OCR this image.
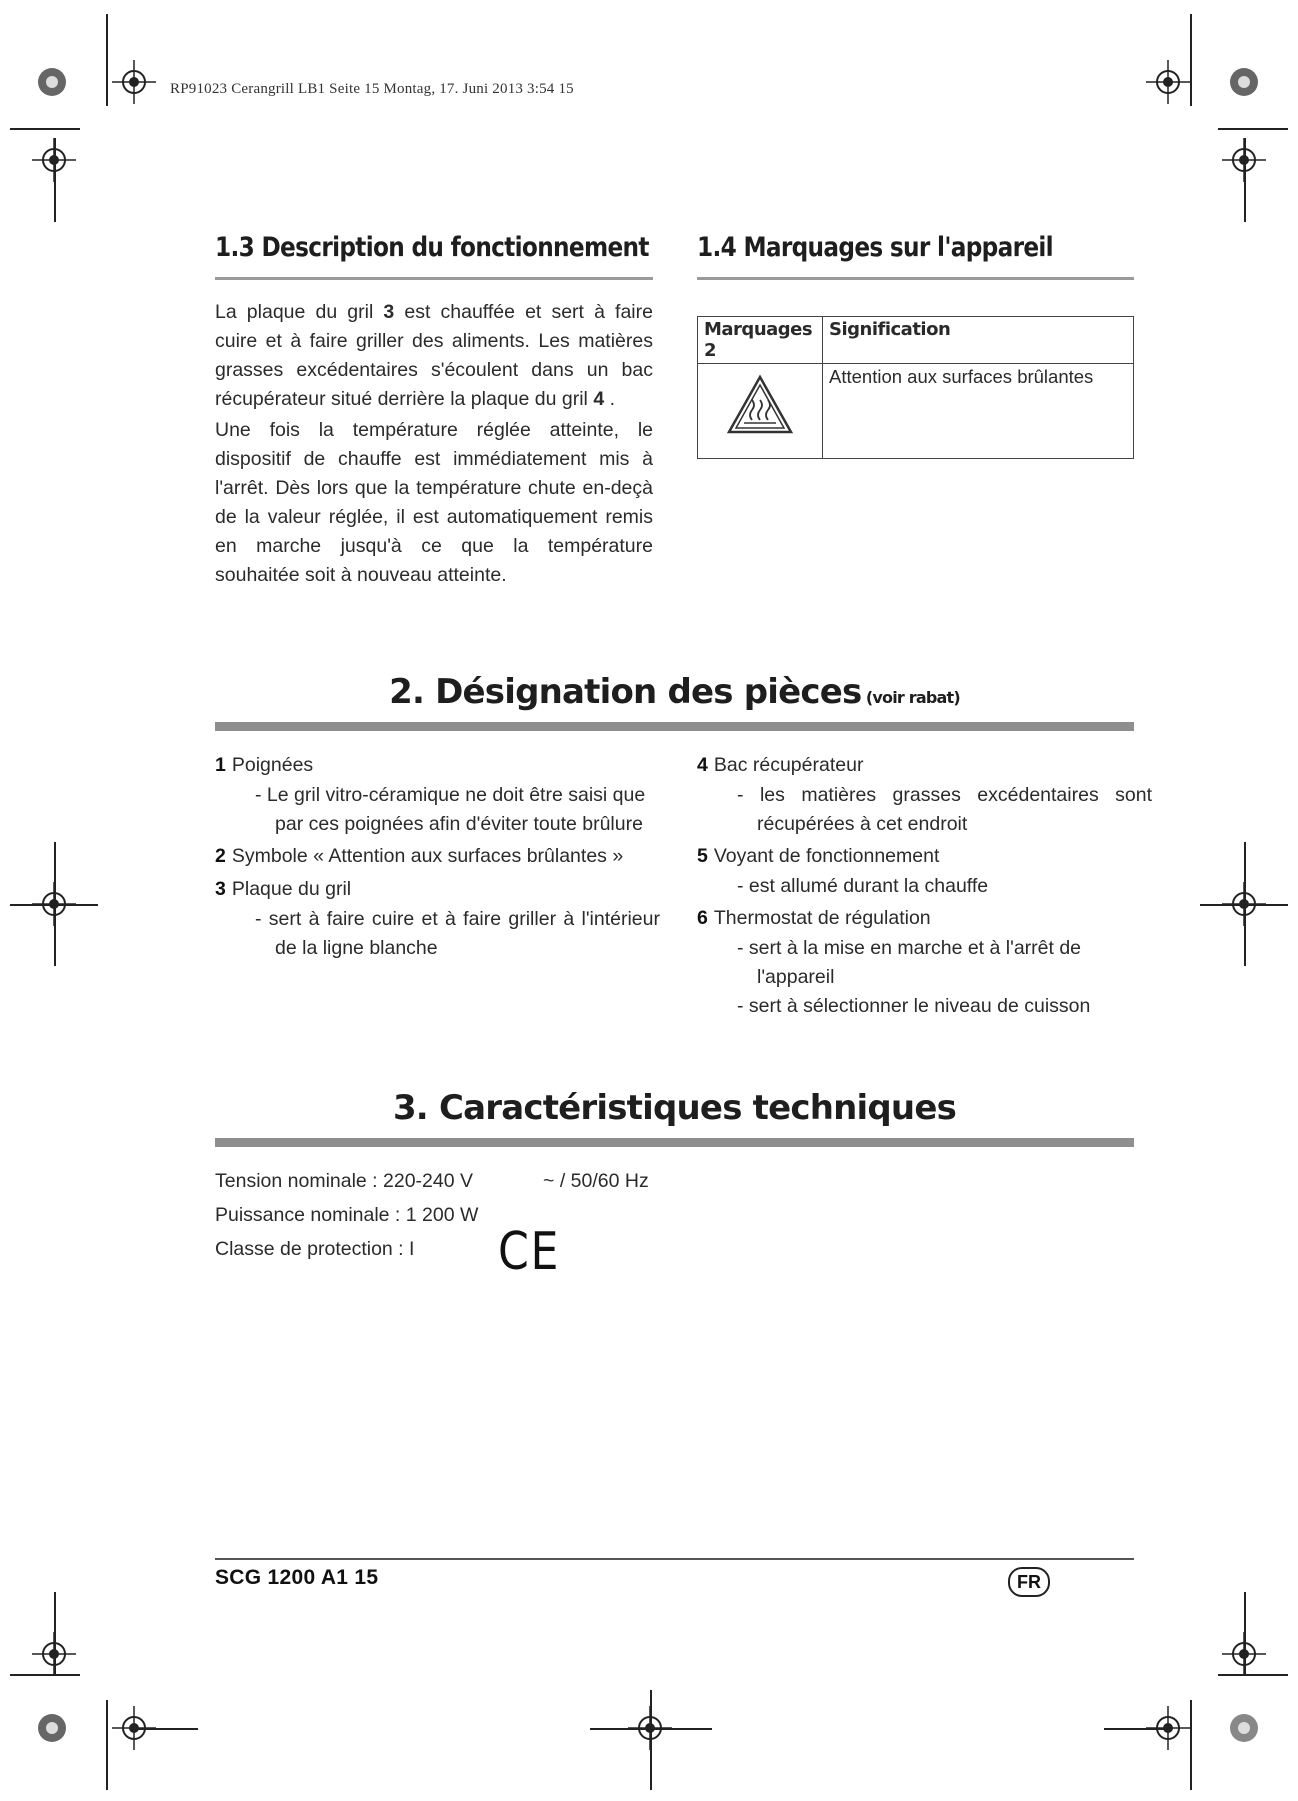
RP91023 Cerangrill LB1 Seite 15 Montag, 17. Juni 2013 3:54 15
1.3 Description du fonctionnement

La plaque du gril 3 est chauffée et sert à faire cuire et à faire griller des aliments. Les matières grasses excédentaires s'écoulent dans un bac récupérateur situé derrière la plaque du gril 4 .

Une fois la température réglée atteinte, le dispositif de chauffe est immédiatement mis à l'arrêt. Dès lors que la température chute en-deçà de la valeur réglée, il est automatiquement remis en marche jusqu'à ce que la température souhaitée soit à nouveau atteinte.

1.4 Marquages sur l'appareil
Marquages 2	Signification
	Attention aux surfaces brûlantes
2. Désignation des pièces (voir rabat)
1 Poignées
- Le gril vitro-céramique ne doit être saisi que par ces poignées afin d'éviter toute brûlure
2 Symbole « Attention aux surfaces brûlantes »
3 Plaque du gril
- sert à faire cuire et à faire griller à l'intérieur de la ligne blanche
4 Bac récupérateur
- les matières grasses excédentaires sont récupérées à cet endroit
5 Voyant de fonctionnement
- est allumé durant la chauffe
6 Thermostat de régulation
- sert à la mise en marche et à l'arrêt de l'appareil
- sert à sélectionner le niveau de cuisson
3. Caractéristiques techniques
Tension nominale : 220-240 V	~ / 50/60 Hz
Puissance nominale : 1 200 W
Classe de protection : I	CE
SCG 1200 A1 15	FR
